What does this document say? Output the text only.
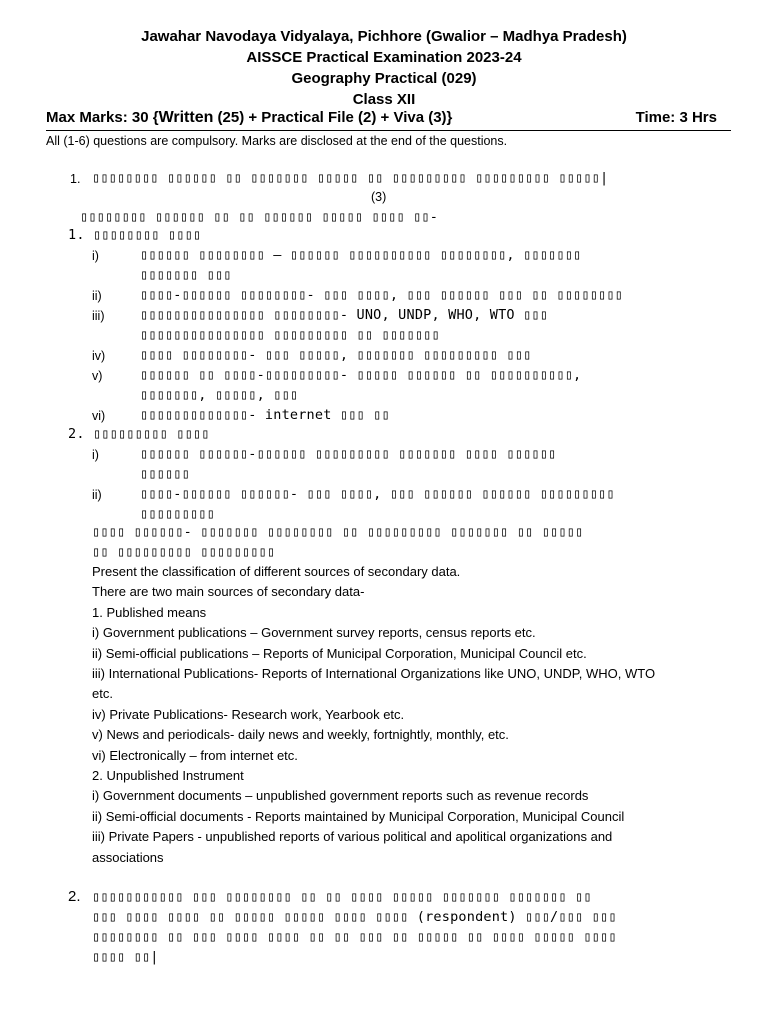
Jawahar Navodaya Vidyalaya, Pichhore (Gwalior – Madhya Pradesh)
AISSCE Practical Examination 2023-24
Geography Practical (029)
Class XII
Max Marks: 30 {Written (25) + Practical File (2) + Viva (3)}	Time: 3 Hrs
All (1-6) questions are compulsory. Marks are disclosed at the end of the questions.
1. ▯▯▯▯▯▯▯▯ ▯▯▯▯▯▯ ▯▯ ▯▯▯▯▯▯▯ ▯▯▯▯▯ ▯▯ ▯▯▯▯▯▯▯▯▯ ▯▯▯▯▯▯▯▯▯ ▯▯▯▯▯|
(3)
▯▯▯▯▯▯▯▯ ▯▯▯▯▯▯ ▯▯ ▯▯ ▯▯▯▯▯▯ ▯▯▯▯▯ ▯▯▯▯ ▯▯-
1. ▯▯▯▯▯▯▯▯ ▯▯▯▯
i)	▯▯▯▯▯▯ ▯▯▯▯▯▯▯▯ – ▯▯▯▯▯▯ ▯▯▯▯▯▯▯▯▯▯ ▯▯▯▯▯▯▯▯, ▯▯▯▯▯▯▯
▯▯▯▯▯▯▯ ▯▯▯
ii)	▯▯▯▯-▯▯▯▯▯▯ ▯▯▯▯▯▯▯▯- ▯▯▯ ▯▯▯▯, ▯▯▯ ▯▯▯▯▯▯ ▯▯▯ ▯▯ ▯▯▯▯▯▯▯▯
iii)	▯▯▯▯▯▯▯▯▯▯▯▯▯▯▯ ▯▯▯▯▯▯▯▯- UNO, UNDP, WHO, WTO ▯▯▯
▯▯▯▯▯▯▯▯▯▯▯▯▯▯▯ ▯▯▯▯▯▯▯▯▯ ▯▯ ▯▯▯▯▯▯▯
iv)	▯▯▯▯ ▯▯▯▯▯▯▯▯- ▯▯▯ ▯▯▯▯▯, ▯▯▯▯▯▯▯ ▯▯▯▯▯▯▯▯▯ ▯▯▯
v)	▯▯▯▯▯▯ ▯▯ ▯▯▯▯-▯▯▯▯▯▯▯▯▯- ▯▯▯▯▯ ▯▯▯▯▯▯ ▯▯ ▯▯▯▯▯▯▯▯▯▯,
▯▯▯▯▯▯▯, ▯▯▯▯▯, ▯▯▯
vi)	▯▯▯▯▯▯▯▯▯▯▯▯▯- internet ▯▯▯ ▯▯
2. ▯▯▯▯▯▯▯▯▯ ▯▯▯▯
i)	▯▯▯▯▯▯ ▯▯▯▯▯▯-▯▯▯▯▯▯ ▯▯▯▯▯▯▯▯▯ ▯▯▯▯▯▯▯ ▯▯▯▯ ▯▯▯▯▯▯
▯▯▯▯▯▯
ii)	▯▯▯▯-▯▯▯▯▯▯ ▯▯▯▯▯▯- ▯▯▯ ▯▯▯▯, ▯▯▯ ▯▯▯▯▯▯ ▯▯▯▯▯▯ ▯▯▯▯▯▯▯▯▯
▯▯▯▯▯▯▯▯▯
▯▯▯▯ ▯▯▯▯▯▯- ▯▯▯▯▯▯▯ ▯▯▯▯▯▯▯▯ ▯▯ ▯▯▯▯▯▯▯▯▯ ▯▯▯▯▯▯▯ ▯▯ ▯▯▯▯▯
▯▯ ▯▯▯▯▯▯▯▯▯ ▯▯▯▯▯▯▯▯▯
Present the classification of different sources of secondary data.
There are two main sources of secondary data-
1. Published means
i) Government publications – Government survey reports, census reports etc.
ii) Semi-official publications – Reports of Municipal Corporation, Municipal Council etc.
iii) International Publications- Reports of International Organizations like UNO, UNDP, WHO, WTO
etc.
iv) Private Publications- Research work, Yearbook etc.
v) News and periodicals- daily news and weekly, fortnightly, monthly, etc.
vi) Electronically – from internet etc.
2. Unpublished Instrument
i) Government documents – unpublished government reports such as revenue records
ii) Semi-official documents - Reports maintained by Municipal Corporation, Municipal Council
iii) Private Papers - unpublished reports of various political and apolitical organizations and
associations
2. ▯▯▯▯▯▯▯▯▯▯▯ ▯▯▯ ▯▯▯▯▯▯▯▯ ▯▯ ▯▯ ▯▯▯▯ ▯▯▯▯▯ ▯▯▯▯▯▯▯ ▯▯▯▯▯▯▯ ▯▯
▯▯▯ ▯▯▯▯ ▯▯▯▯ ▯▯ ▯▯▯▯▯ ▯▯▯▯▯ ▯▯▯▯ ▯▯▯▯ (respondent) ▯▯▯/▯▯▯ ▯▯▯
▯▯▯▯▯▯▯▯ ▯▯ ▯▯▯ ▯▯▯▯ ▯▯▯▯ ▯▯ ▯▯ ▯▯▯ ▯▯ ▯▯▯▯▯ ▯▯ ▯▯▯▯ ▯▯▯▯▯ ▯▯▯▯
▯▯▯▯ ▯▯|
